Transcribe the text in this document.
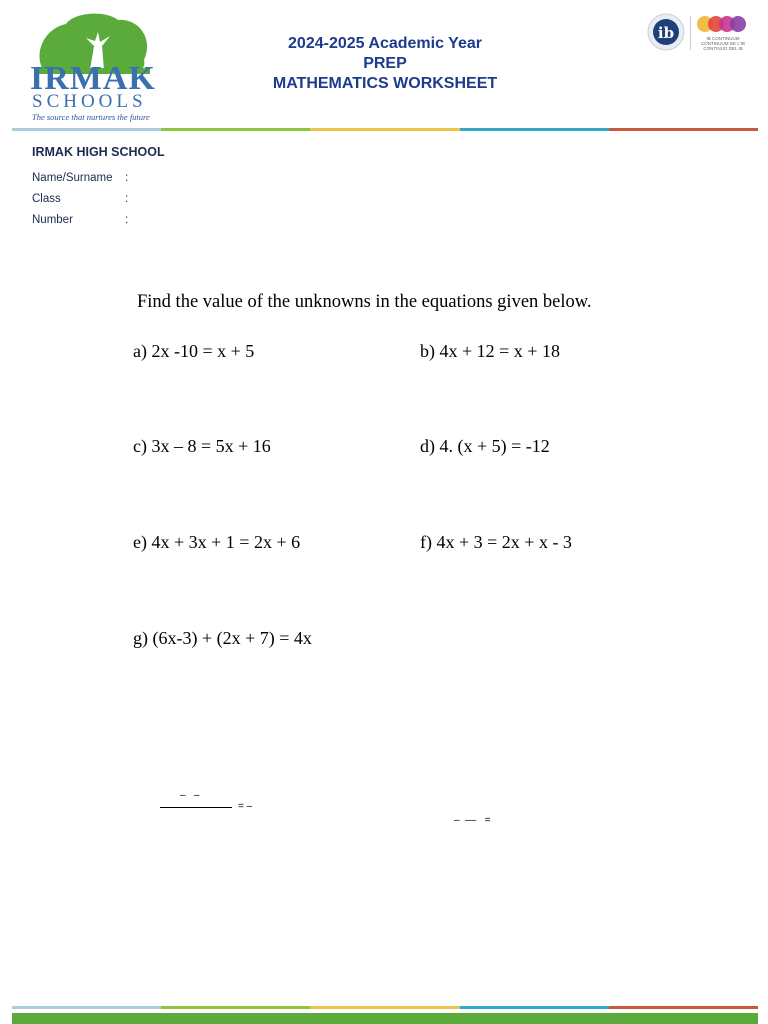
IRMAK
SCHOOLS
The source that nurtures the future
2024-2025 Academic Year
PREP
MATHEMATICS WORKSHEET
ib	IB CONTINUUM CONTINUUM DE L'IB CONTINUO DEL IB
IRMAK HIGH SCHOOL
Name/Surname :
Class	:
Number	:
Find the value of the unknowns in the equations given below.
a) 2x -10 = x + 5	b) 4x + 12 = x + 18
c) 3x – 8 = 5x + 16	d) 4. (x + 5) = -12
e) 4x + 3x + 1 = 2x + 6	f) 4x + 3 = 2x + x - 3
g) (6x-3) + (2x + 7) = 4x
–   –
= –
–  ––   =
